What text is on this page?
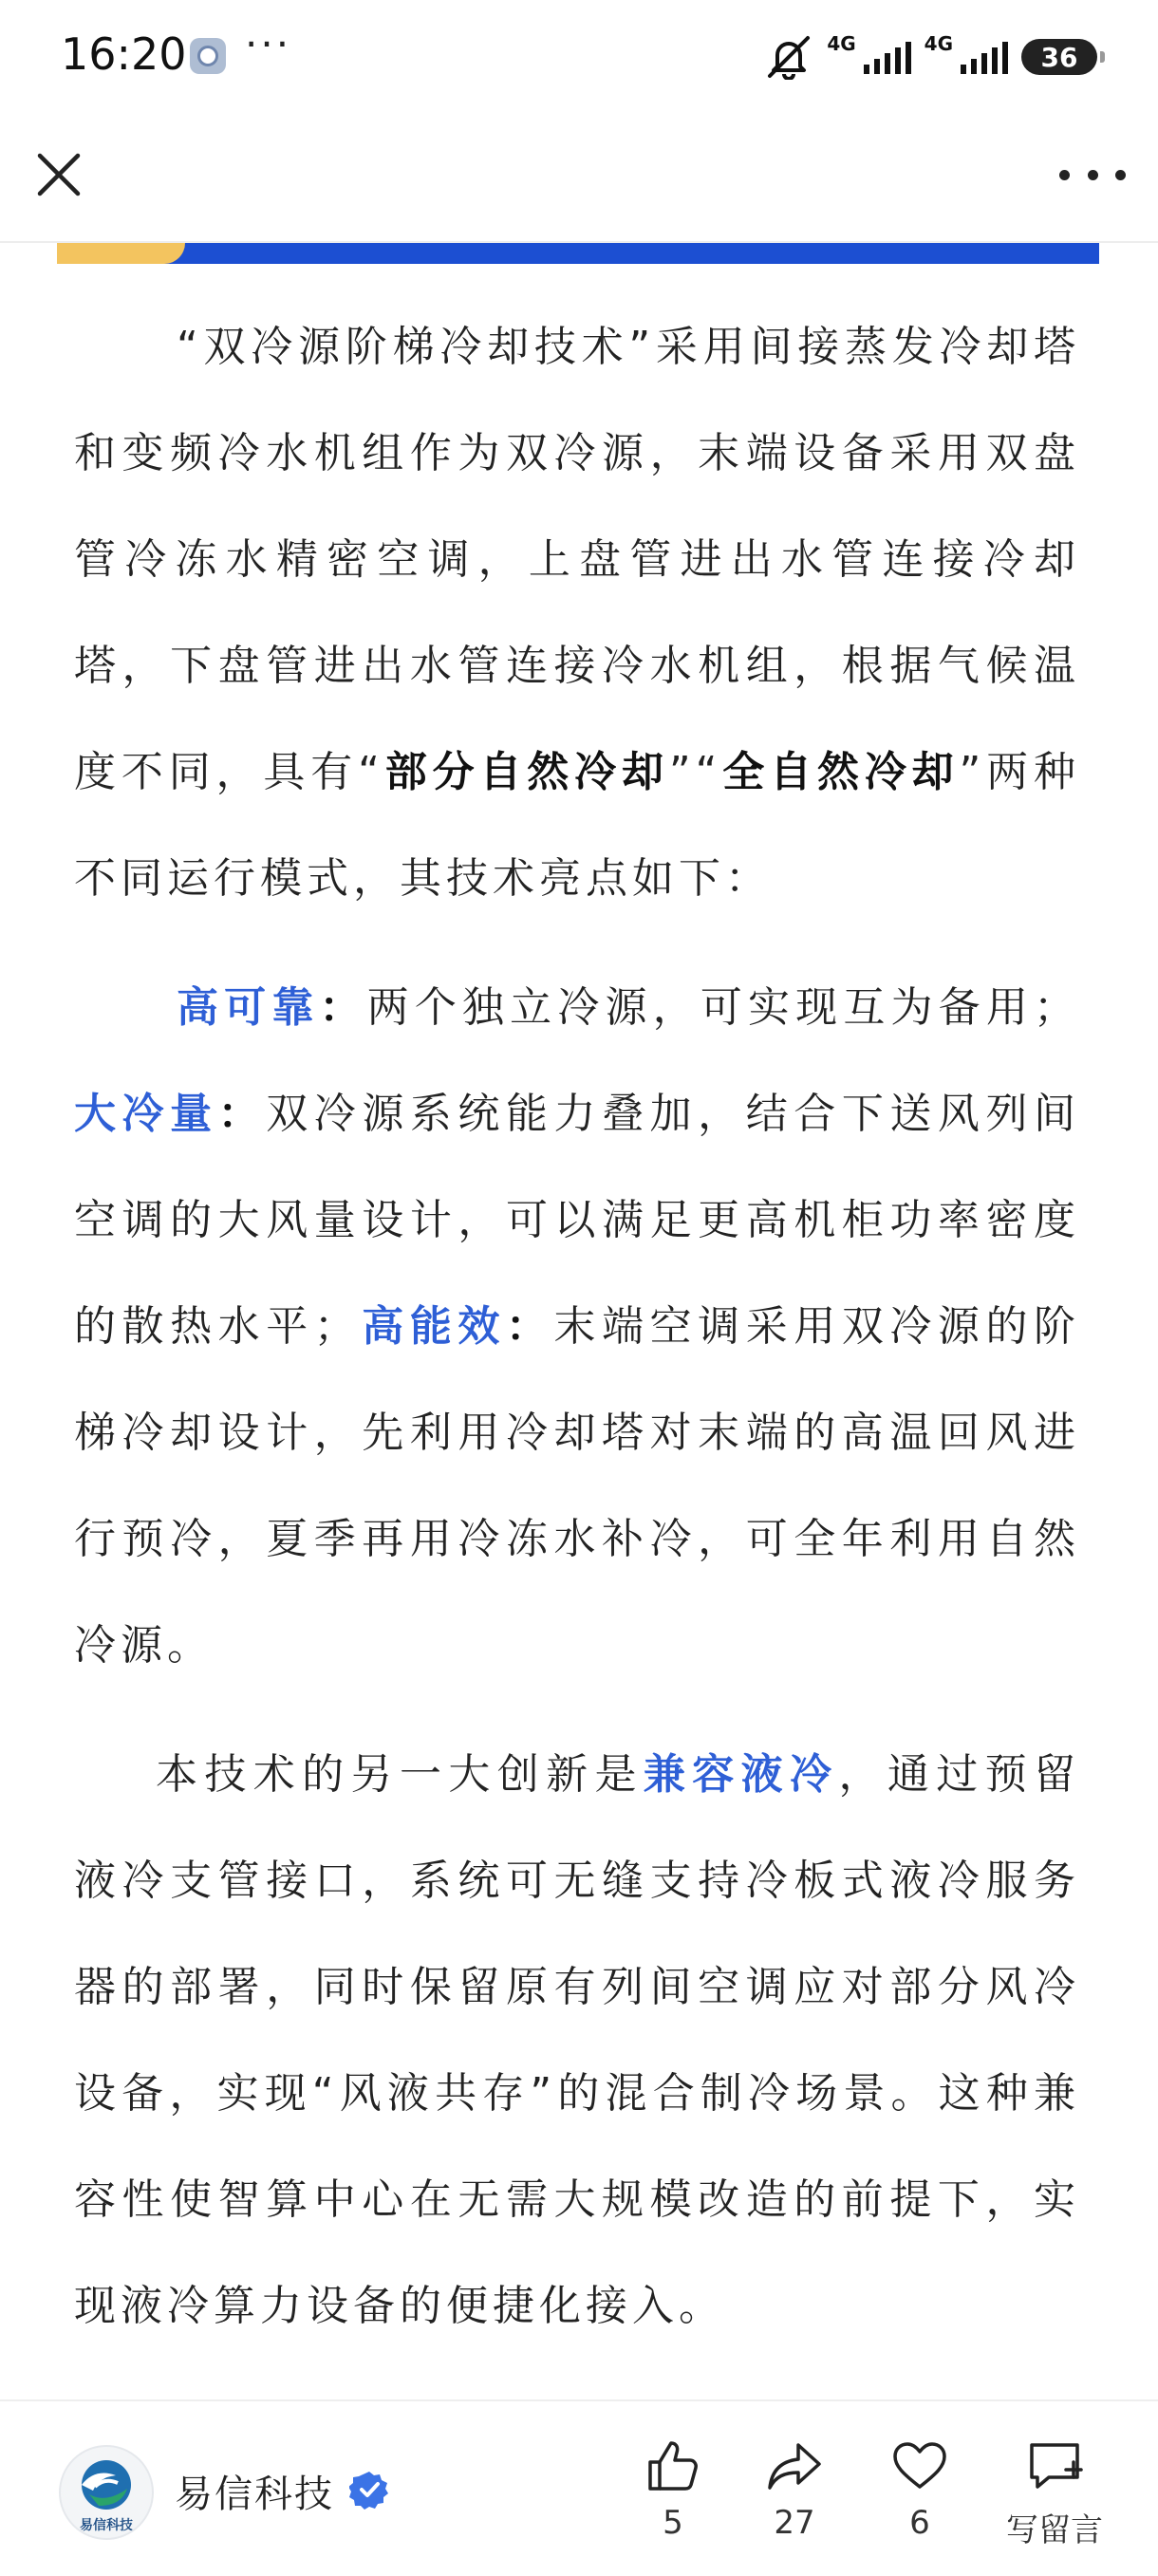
16:20 ···	4G	4G	36

“双冷源阶梯冷却技术”采用间接蒸发冷却塔和变频冷水机组作为双冷源，末端设备采用双盘管冷冻水精密空调，上盘管进出水管连接冷却塔，下盘管进出水管连接冷水机组，根据气候温度不同，具有“部分自然冷却”“全自然冷却”两种不同运行模式，其技术亮点如下：

高可靠：两个独立冷源，可实现互为备用；大冷量：双冷源系统能力叠加，结合下送风列间空调的大风量设计，可以满足更高机柜功率密度的散热水平；高能效：末端空调采用双冷源的阶梯冷却设计，先利用冷却塔对末端的高温回风进行预冷，夏季再用冷冻水补冷，可全年利用自然冷源。

本技术的另一大创新是兼容液冷，通过预留液冷支管接口，系统可无缝支持冷板式液冷服务器的部署，同时保留原有列间空调应对部分风冷设备，实现“风液共存”的混合制冷场景。这种兼容性使智算中心在无需大规模改造的前提下，实现液冷算力设备的便捷化接入。

易信科技
易信科技
5	27	6	写留言
